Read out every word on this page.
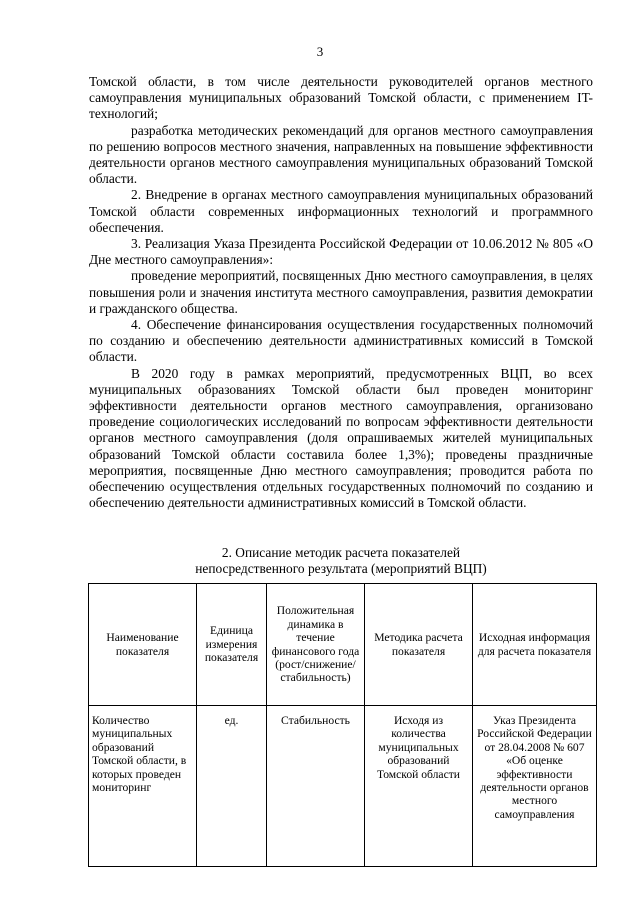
3

Томской области, в том числе деятельности руководителей органов местного самоуправления муниципальных образований Томской области, с применением IT-технологий;

разработка методических рекомендаций для органов местного самоуправления по решению вопросов местного значения, направленных на повышение эффективности деятельности органов местного самоуправления муниципальных образований Томской области.

2. Внедрение в органах местного самоуправления муниципальных образований Томской области современных информационных технологий и программного обеспечения.

3. Реализация Указа Президента Российской Федерации от 10.06.2012 № 805 «О Дне местного самоуправления»:

проведение мероприятий, посвященных Дню местного самоуправления, в целях повышения роли и значения института местного самоуправления, развития демократии и гражданского общества.

4. Обеспечение финансирования осуществления государственных полномочий по созданию и обеспечению деятельности административных комиссий в Томской области.

В 2020 году в рамках мероприятий, предусмотренных ВЦП, во всех муниципальных образованиях Томской области был проведен мониторинг эффективности деятельности органов местного самоуправления, организовано проведение социологических исследований по вопросам эффективности деятельности органов местного самоуправления (доля опрашиваемых жителей муниципальных образований Томской области составила более 1,3%); проведены праздничные мероприятия, посвященные Дню местного самоуправления; проводится работа по обеспечению осуществления отдельных государственных полномочий по созданию и обеспечению деятельности административных комиссий в Томской области.

2. Описание методик расчета показателей
непосредственного результата (мероприятий ВЦП)
Наименование показателя	Единица измерения показателя	Положительная динамика в течение финансового года (рост/снижение/ стабильность)	Методика расчета показателя	Исходная информация для расчета показателя
Количество муниципальных образований Томской области, в которых проведен мониторинг	ед.	Стабильность	Исходя из количества муниципальных образований Томской области	Указ Президента Российской Федерации от 28.04.2008 № 607 «Об оценке эффективности деятельности органов местного самоуправления
